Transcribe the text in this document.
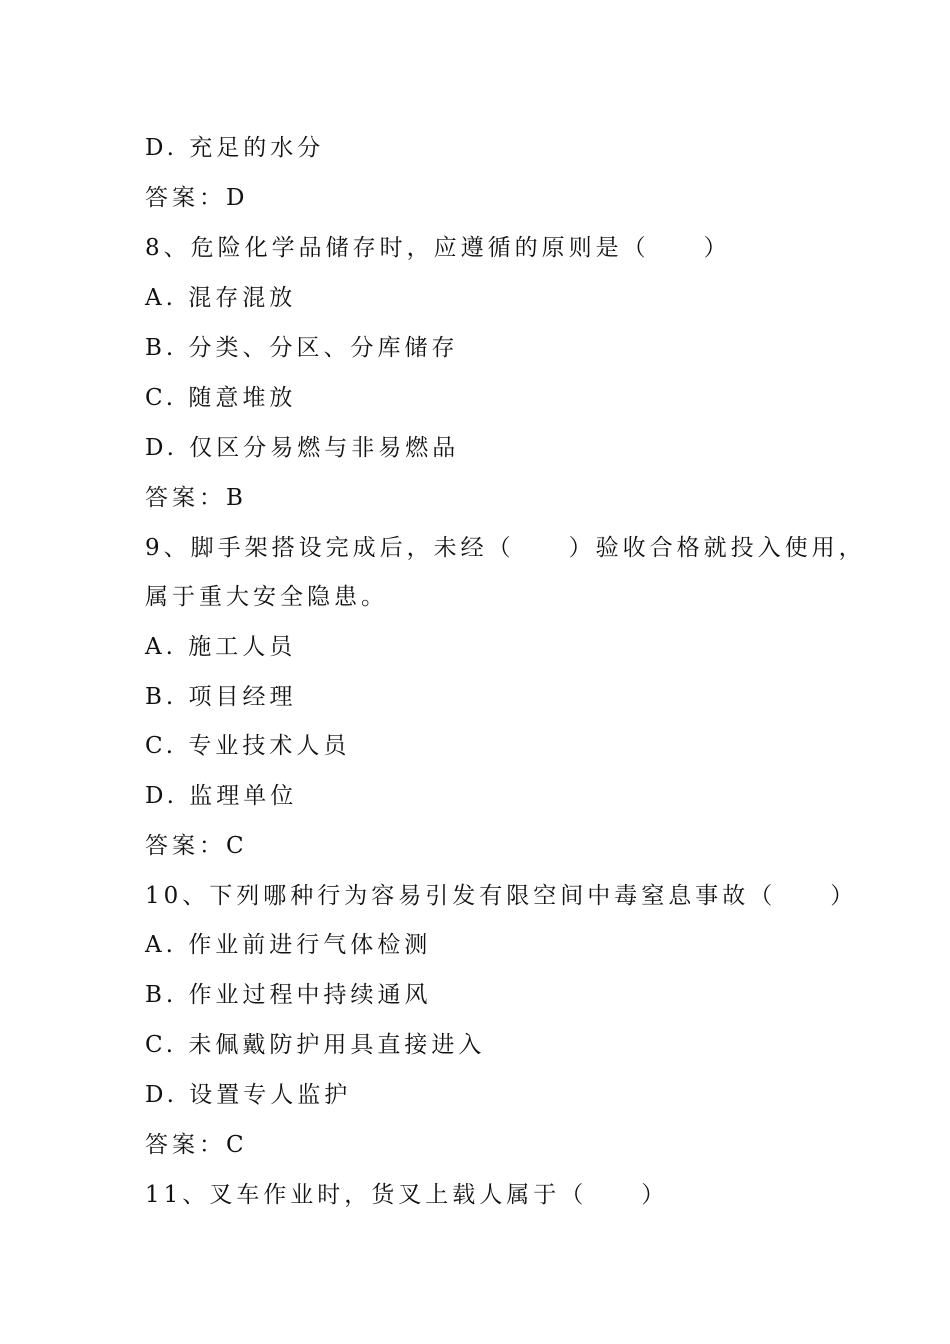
D. 充足的水分
答案：D
8、危险化学品储存时，应遵循的原则是（　　）
A. 混存混放
B. 分类、分区、分库储存
C. 随意堆放
D. 仅区分易燃与非易燃品
答案：B
9、脚手架搭设完成后，未经（　　）验收合格就投入使用，
属于重大安全隐患。
A. 施工人员
B. 项目经理
C. 专业技术人员
D. 监理单位
答案：C
10、下列哪种行为容易引发有限空间中毒窒息事故（　　）
A. 作业前进行气体检测
B. 作业过程中持续通风
C. 未佩戴防护用具直接进入
D. 设置专人监护
答案：C
11、叉车作业时，货叉上载人属于（　　）
